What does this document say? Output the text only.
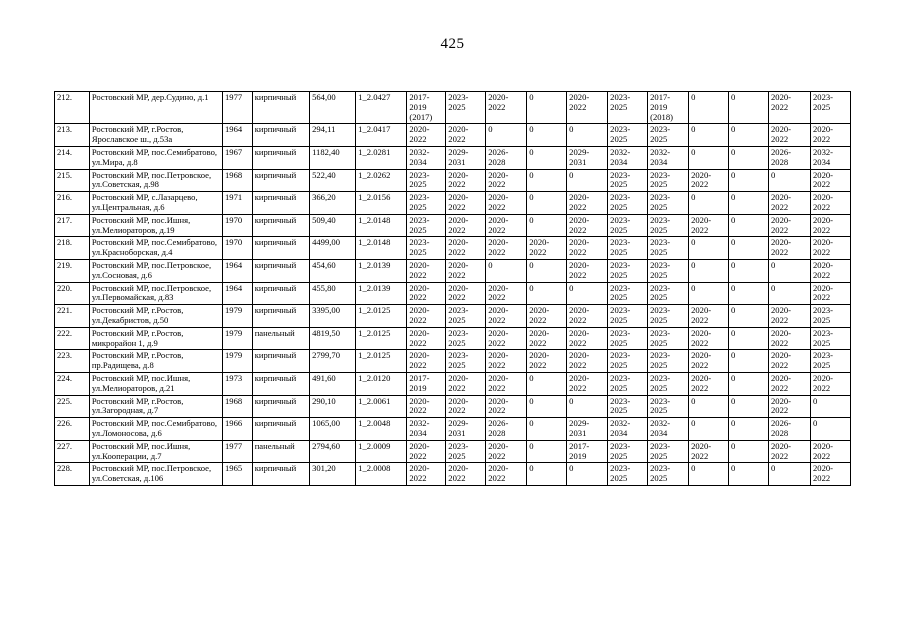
425
212.	Ростовский МР, дер.Судино, д.1	1977	кирпичный	564,00	1_2.0427	2017-2019 (2017)	2023-2025	2020-2022	0	2020-2022	2023-2025	2017-2019 (2018)	0	0	2020-2022	2023-2025
213.	Ростовский МР, г.Ростов, Ярославское ш., д.53а	1964	кирпичный	294,11	1_2.0417	2020-2022	2020-2022	0	0	0	2023-2025	2023-2025	0	0	2020-2022	2020-2022
214.	Ростовский МР, пос.Семибратово, ул.Мира, д.8	1967	кирпичный	1182,40	1_2.0281	2032-2034	2029-2031	2026-2028	0	2029-2031	2032-2034	2032-2034	0	0	2026-2028	2032-2034
215.	Ростовский МР, пос.Петровское, ул.Советская, д.98	1968	кирпичный	522,40	1_2.0262	2023-2025	2020-2022	2020-2022	0	0	2023-2025	2023-2025	2020-2022	0	0	2020-2022
216.	Ростовский МР, с.Лазарцево, ул.Центральная, д.6	1971	кирпичный	366,20	1_2.0156	2023-2025	2020-2022	2020-2022	0	2020-2022	2023-2025	2023-2025	0	0	2020-2022	2020-2022
217.	Ростовский МР, пос.Ишня, ул.Мелиораторов, д.19	1970	кирпичный	509,40	1_2.0148	2023-2025	2020-2022	2020-2022	0	2020-2022	2023-2025	2023-2025	2020-2022	0	2020-2022	2020-2022
218.	Ростовский МР, пос.Семибратово, ул.Красноборская, д.4	1970	кирпичный	4499,00	1_2.0148	2023-2025	2020-2022	2020-2022	2020-2022	2020-2022	2023-2025	2023-2025	0	0	2020-2022	2020-2022
219.	Ростовский МР, пос.Петровское, ул.Сосновая, д.6	1964	кирпичный	454,60	1_2.0139	2020-2022	2020-2022	0	0	2020-2022	2023-2025	2023-2025	0	0	0	2020-2022
220.	Ростовский МР, пос.Петровское, ул.Первомайская, д.83	1964	кирпичный	455,80	1_2.0139	2020-2022	2020-2022	2020-2022	0	0	2023-2025	2023-2025	0	0	0	2020-2022
221.	Ростовский МР, г.Ростов, ул.Декабристов, д.50	1979	кирпичный	3395,00	1_2.0125	2020-2022	2023-2025	2020-2022	2020-2022	2020-2022	2023-2025	2023-2025	2020-2022	0	2020-2022	2023-2025
222.	Ростовский МР, г.Ростов, микрорайон 1, д.9	1979	панельный	4819,50	1_2.0125	2020-2022	2023-2025	2020-2022	2020-2022	2020-2022	2023-2025	2023-2025	2020-2022	0	2020-2022	2023-2025
223.	Ростовский МР, г.Ростов, пр.Радищева, д.8	1979	кирпичный	2799,70	1_2.0125	2020-2022	2023-2025	2020-2022	2020-2022	2020-2022	2023-2025	2023-2025	2020-2022	0	2020-2022	2023-2025
224.	Ростовский МР, пос.Ишня, ул.Мелиораторов, д.21	1973	кирпичный	491,60	1_2.0120	2017-2019	2020-2022	2020-2022	0	2020-2022	2023-2025	2023-2025	2020-2022	0	2020-2022	2020-2022
225.	Ростовский МР, г.Ростов, ул.Загородная, д.7	1968	кирпичный	290,10	1_2.0061	2020-2022	2020-2022	2020-2022	0	0	2023-2025	2023-2025	0	0	2020-2022	0
226.	Ростовский МР, пос.Семибратово, ул.Ломоносова, д.6	1966	кирпичный	1065,00	1_2.0048	2032-2034	2029-2031	2026-2028	0	2029-2031	2032-2034	2032-2034	0	0	2026-2028	0
227.	Ростовский МР, пос.Ишня, ул.Кооперации, д.7	1977	панельный	2794,60	1_2.0009	2020-2022	2023-2025	2020-2022	0	2017-2019	2023-2025	2023-2025	2020-2022	0	2020-2022	2020-2022
228.	Ростовский МР, пос.Петровское, ул.Советская, д.106	1965	кирпичный	301,20	1_2.0008	2020-2022	2020-2022	2020-2022	0	0	2023-2025	2023-2025	0	0	0	2020-2022
